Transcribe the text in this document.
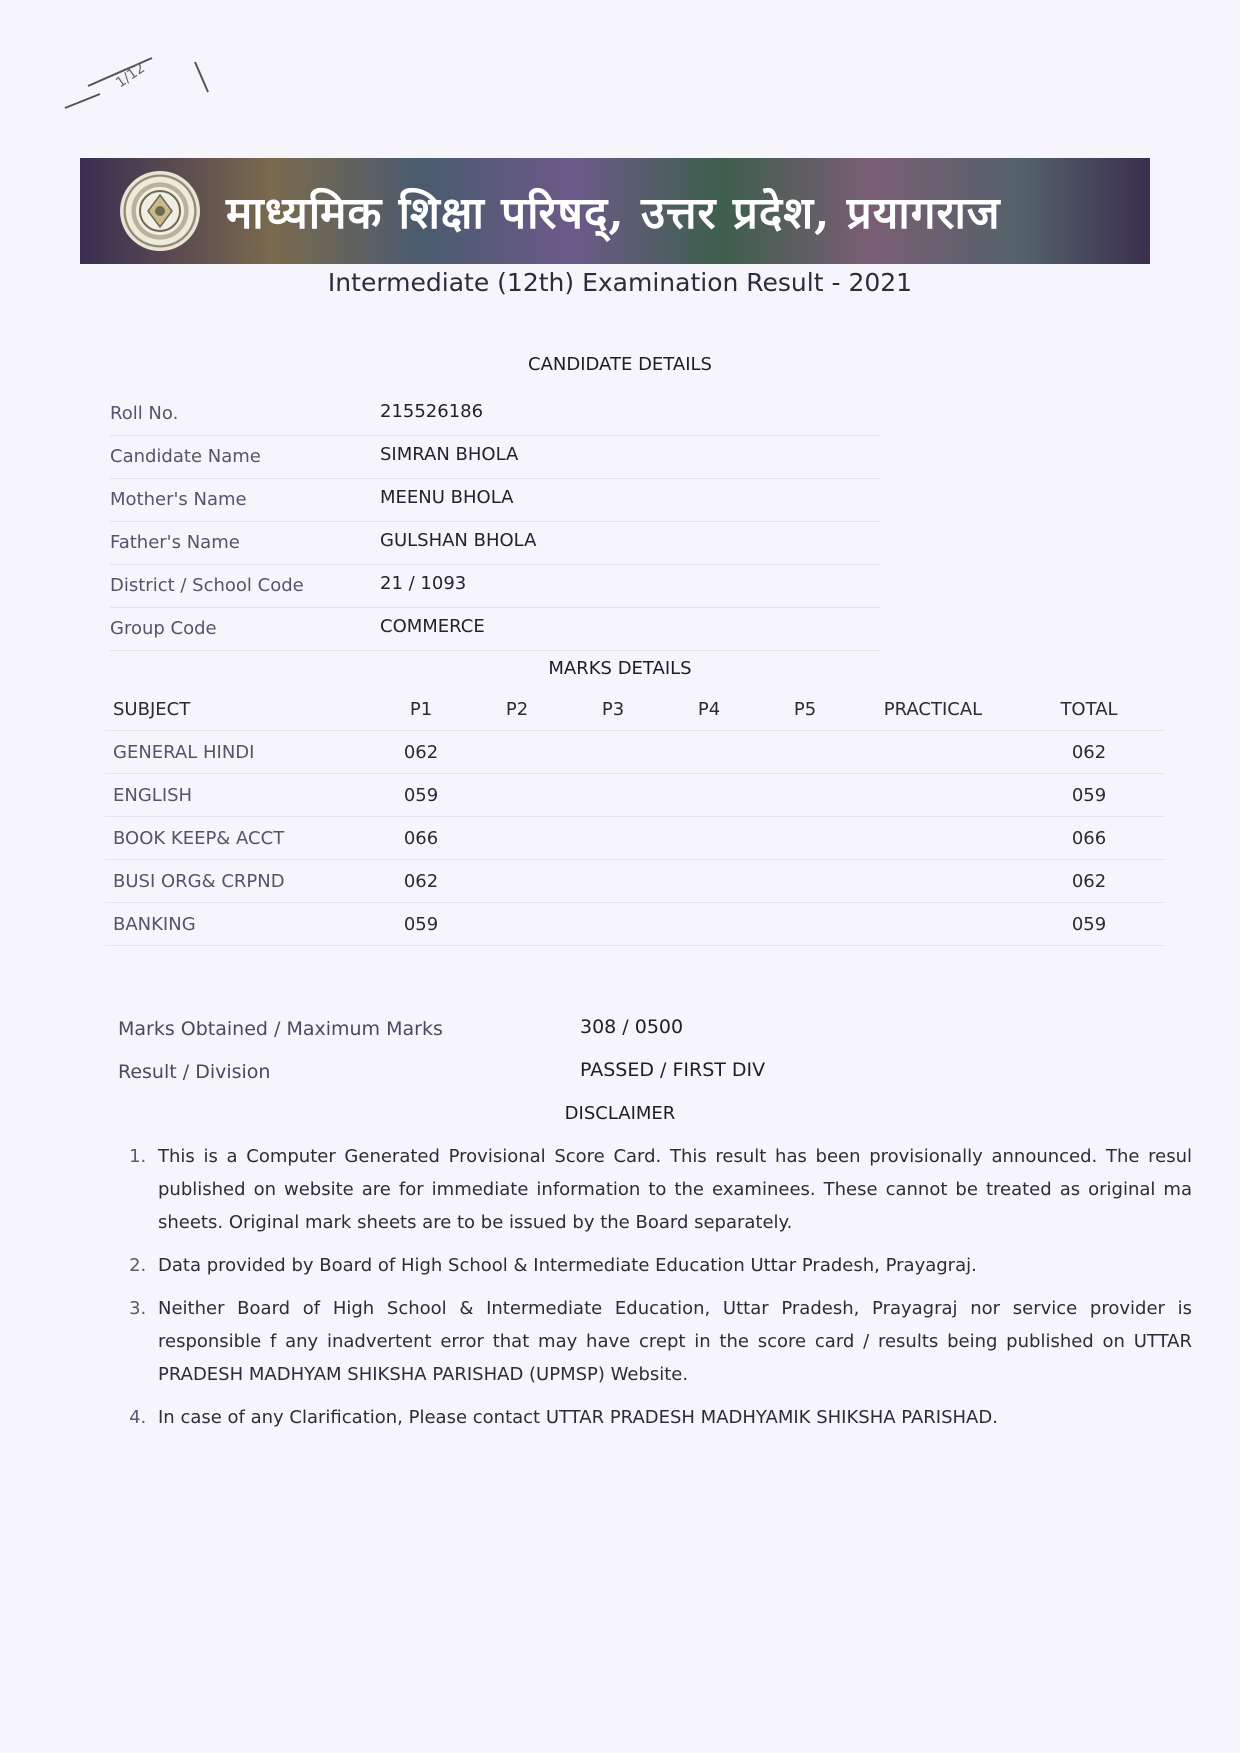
1/12
माध्यमिक शिक्षा परिषद्, उत्तर प्रदेश, प्रयागराज
Intermediate (12th) Examination Result - 2021
CANDIDATE DETAILS
Roll No.	215526186
Candidate Name	SIMRAN BHOLA
Mother's Name	MEENU BHOLA
Father's Name	GULSHAN BHOLA
District / School Code	21 / 1093
Group Code	COMMERCE
MARKS DETAILS
SUBJECT	P1	P2	P3	P4	P5	PRACTICAL	TOTAL
GENERAL HINDI	062						062
ENGLISH	059						059
BOOK KEEP& ACCT	066						066
BUSI ORG& CRPND	062						062
BANKING	059						059
Marks Obtained / Maximum Marks	308 / 0500
Result / Division	PASSED / FIRST DIV
DISCLAIMER
1. This is a Computer Generated Provisional Score Card. This result has been provisionally announced. The resul published on website are for immediate information to the examinees. These cannot be treated as original ma sheets. Original mark sheets are to be issued by the Board separately.
2. Data provided by Board of High School & Intermediate Education Uttar Pradesh, Prayagraj.
3. Neither Board of High School & Intermediate Education, Uttar Pradesh, Prayagraj nor service provider is responsible f any inadvertent error that may have crept in the score card / results being published on UTTAR PRADESH MADHYAM SHIKSHA PARISHAD (UPMSP) Website.
4. In case of any Clarification, Please contact UTTAR PRADESH MADHYAMIK SHIKSHA PARISHAD.
